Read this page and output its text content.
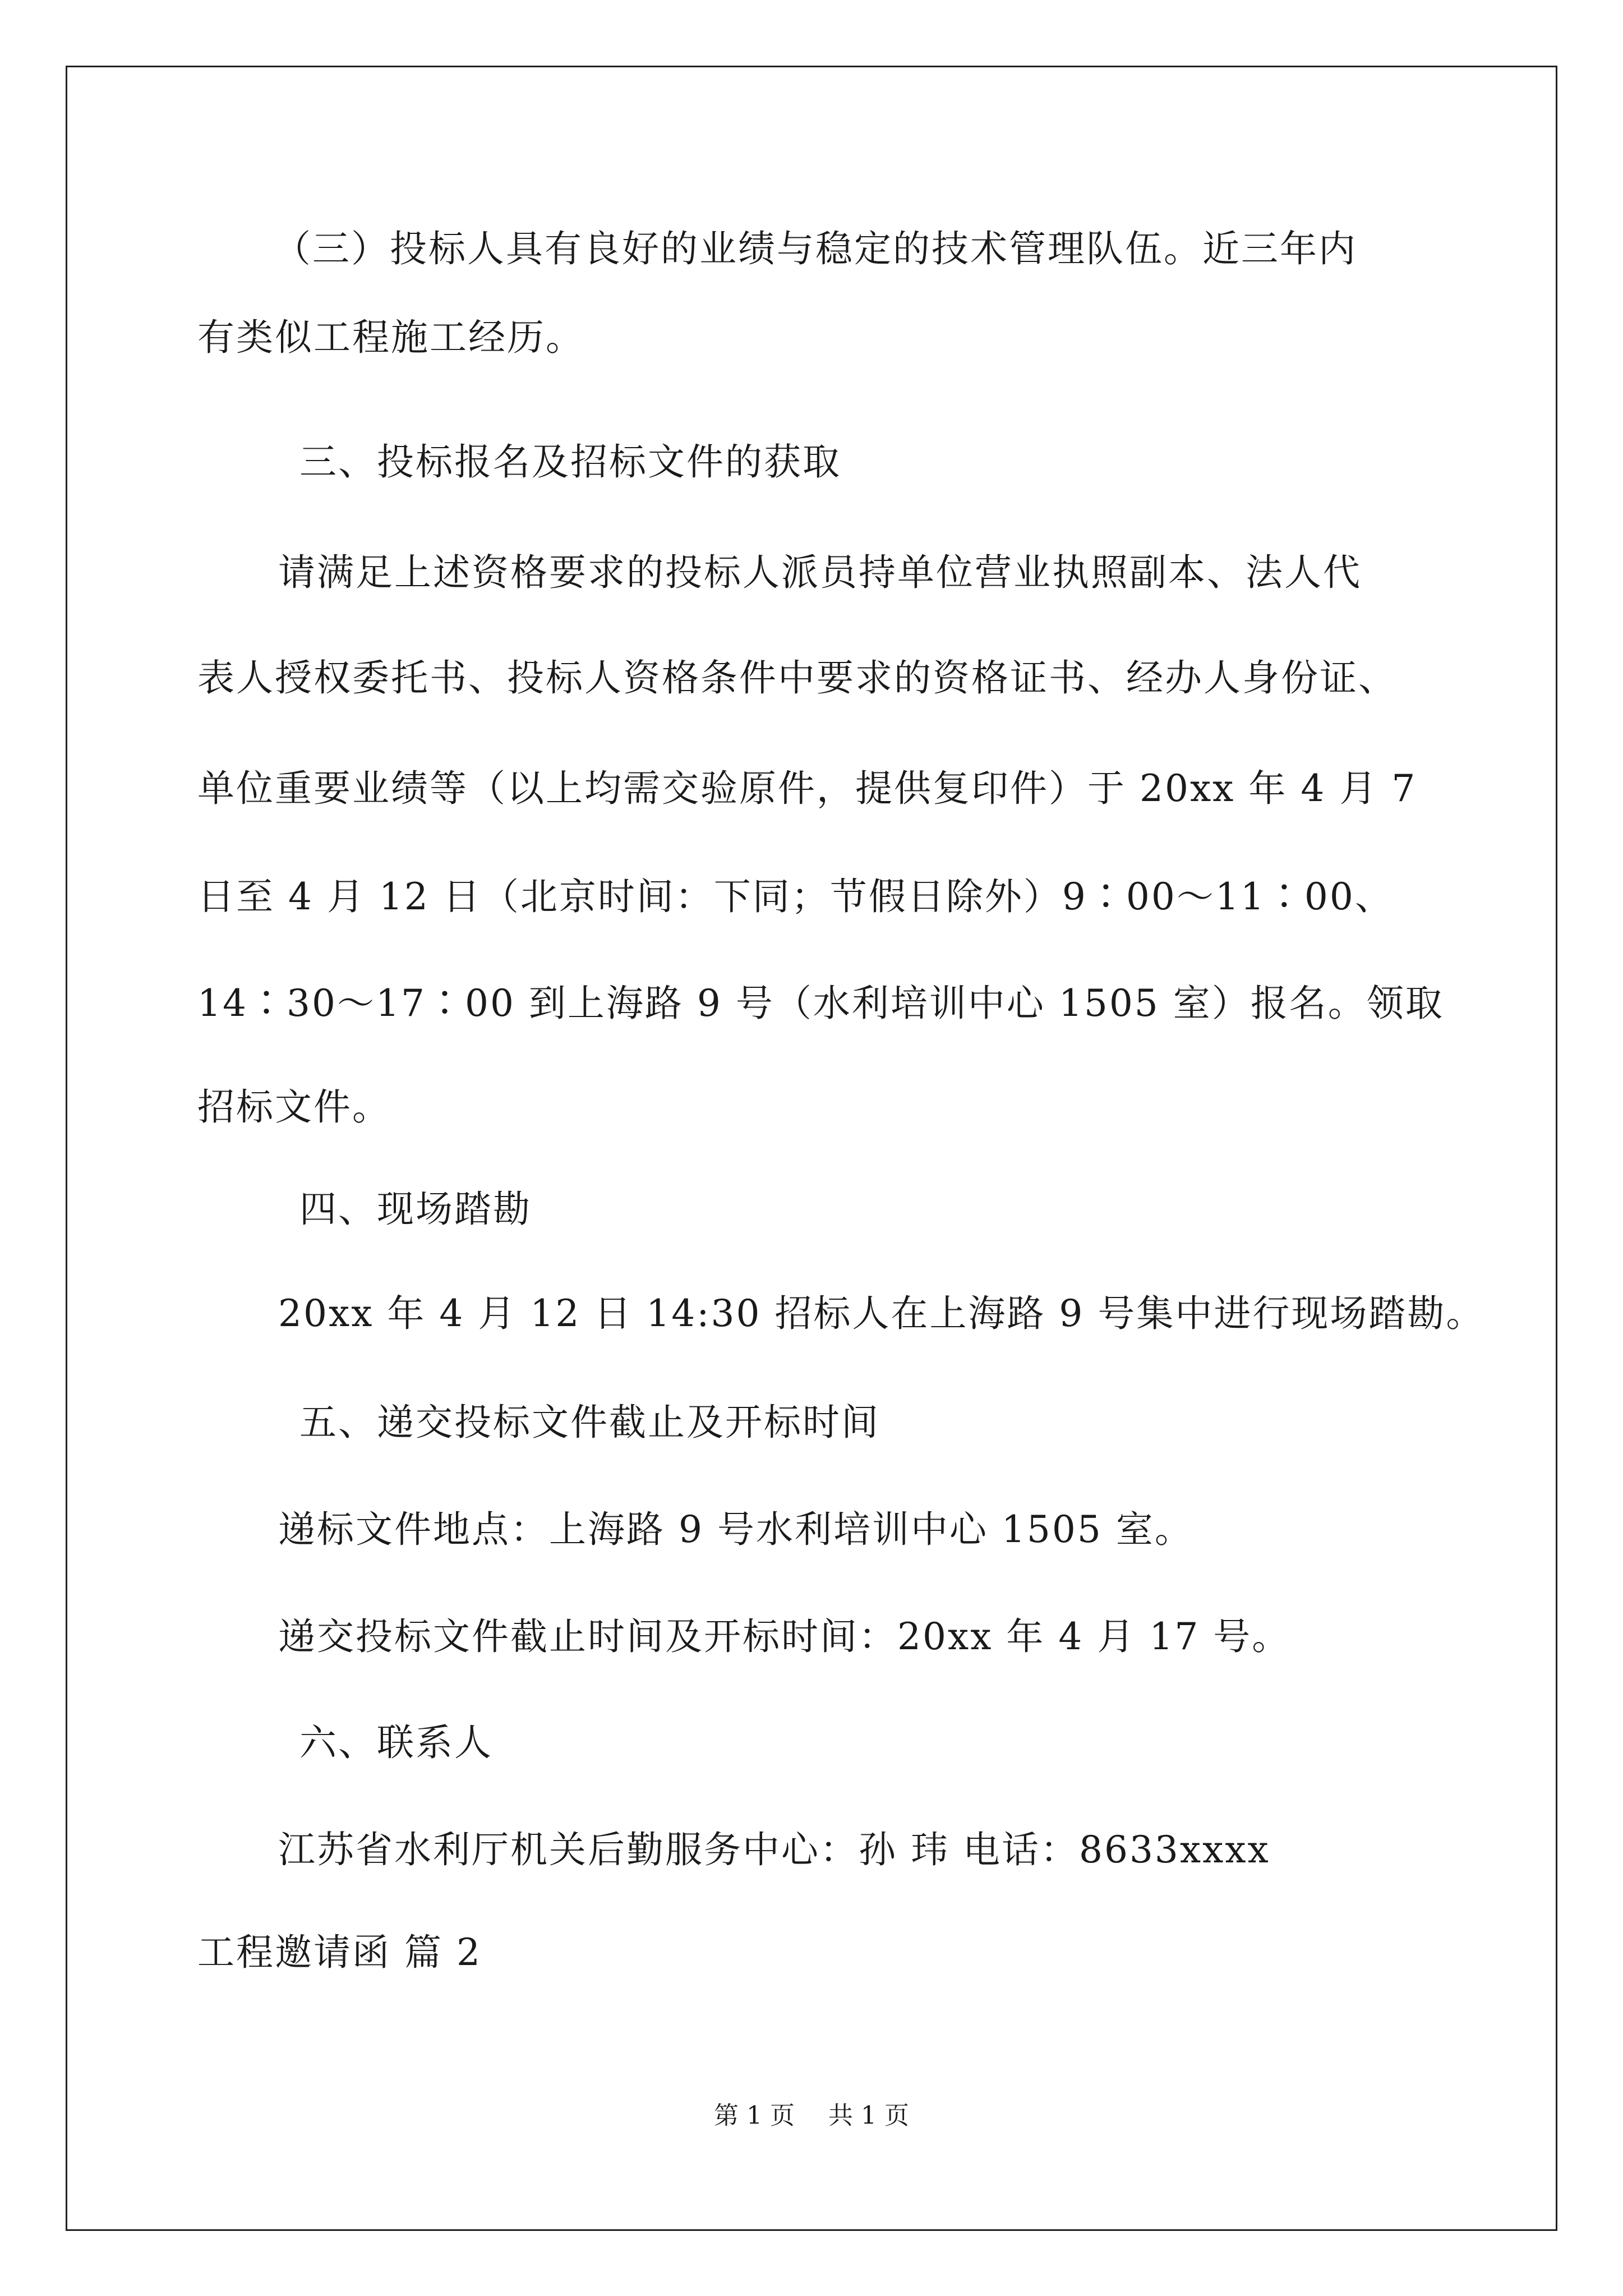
（三）投标人具有良好的业绩与稳定的技术管理队伍。近三年内
有类似工程施工经历。
三、投标报名及招标文件的获取
请满足上述资格要求的投标人派员持单位营业执照副本、法人代
表人授权委托书、投标人资格条件中要求的资格证书、经办人身份证、
单位重要业绩等（以上均需交验原件，提供复印件）于 20xx 年 4 月 7
日至 4 月 12 日（北京时间：下同；节假日除外）9∶00～11∶00、
14∶30～17∶00 到上海路 9 号（水利培训中心 1505 室）报名。领取
招标文件。
四、现场踏勘
20xx 年 4 月 12 日 14:30 招标人在上海路 9 号集中进行现场踏勘。
五、递交投标文件截止及开标时间
递标文件地点：上海路 9 号水利培训中心 1505 室。
递交投标文件截止时间及开标时间：20xx 年 4 月 17 号。
六、联系人
江苏省水利厅机关后勤服务中心：孙 玮 电话：8633xxxx
工程邀请函 篇 2
第 1 页 共 1 页
